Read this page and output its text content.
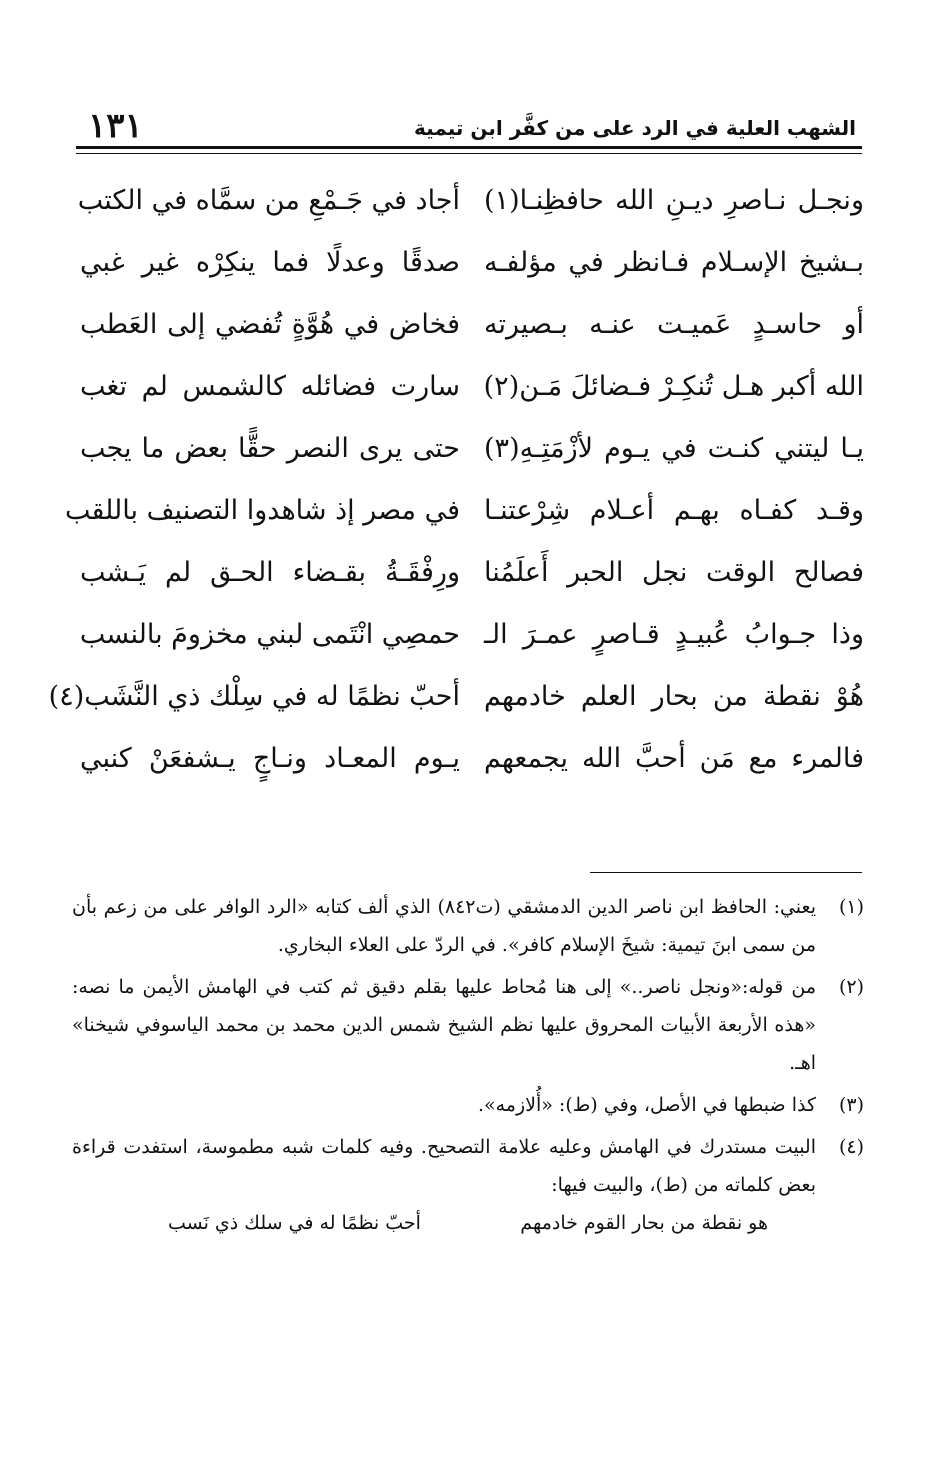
الشهب العلية في الرد على من كفَّر ابن تيمية
١٣١
ونجـل نـاصرِ ديـنِ الله حافظِنـا(١)
أجاد في جَـمْعِ من سمَّاه في الكتب
بـشيخ الإسـلام فـانظر في مؤلفـه
صدقًا وعدلًا فما ينكِرْه غير غبي
أو حاسـدٍ عَميـت عنـه بـصيرته
فخاض في هُوَّةٍ تُفضي إلى العَطب
الله أكبر هـل تُنكِـرْ فـضائلَ مَـن(٢)
سارت فضائله كالشمس لم تغب
يـا ليتني كنـت في يـوم لأزْمَتِـهِ(٣)
حتى يرى النصر حقًّا بعض ما يجب
وقـد كفـاه بهـم أعـلام شِرْعتنـا
في مصر إذ شاهدوا التصنيف باللقب
فصالح الوقت نجل الحبر أَعلَمُنا
ورِفْقَـةُ بقـضاء الحـق لم يَـشب
وذا جـوابُ عُبيـدٍ قـاصرٍ عمـرَ الـ
حمصِي انْتَمى لبني مخزومَ بالنسب
هُوْ نقطة من بحار العلم خادمهم
أحبّ نظمًا له في سِلْك ذي النَّشَب(٤)
فالمرء مع مَن أحبَّ الله يجمعهم
يـوم المعـاد ونـاجٍ يـشفعَنْ كنبي
(١)
يعني: الحافظ ابن ناصر الدين الدمشقي (ت٨٤٢) الذي ألف كتابه «الرد الوافر على من زعم بأن من سمى ابنَ تيمية: شيخَ الإسلام كافر». في الردّ على العلاء البخاري.
(٢)
من قوله:«ونجل ناصر..» إلى هنا مُحاط عليها بقلم دقيق ثم كتب في الهامش الأيمن ما نصه: «هذه الأربعة الأبيات المحروق عليها نظم الشيخ شمس الدين محمد بن محمد الياسوفي شيخنا» اهـ.
(٣)
كذا ضبطها في الأصل، وفي (ط): «أُلازمه».
(٤)
البيت مستدرك في الهامش وعليه علامة التصحيح. وفيه كلمات شبه مطموسة، استفدت قراءة بعض كلماته من (ط)، والبيت فيها:
هو نقطة من بحار القوم خادمهم
أحبّ نظمًا له في سلك ذي نَسب
